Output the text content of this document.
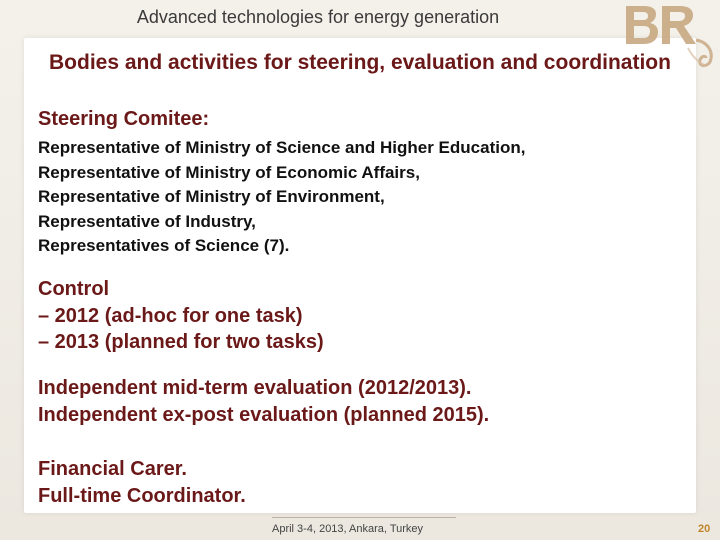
Advanced technologies for energy generation
Bodies and activities for steering, evaluation and coordination
Steering Comitee:
Representative of Ministry of Science and Higher Education,
Representative of Ministry of Economic Affairs,
Representative of Ministry of Environment,
Representative of Industry,
Representatives of Science (7).
Control
– 2012 (ad-hoc for one task)
– 2013 (planned for two tasks)
Independent mid-term evaluation (2012/2013).
Independent ex-post evaluation (planned 2015).
Financial Carer.
Full-time Coordinator.
April 3-4, 2013, Ankara, Turkey	20
